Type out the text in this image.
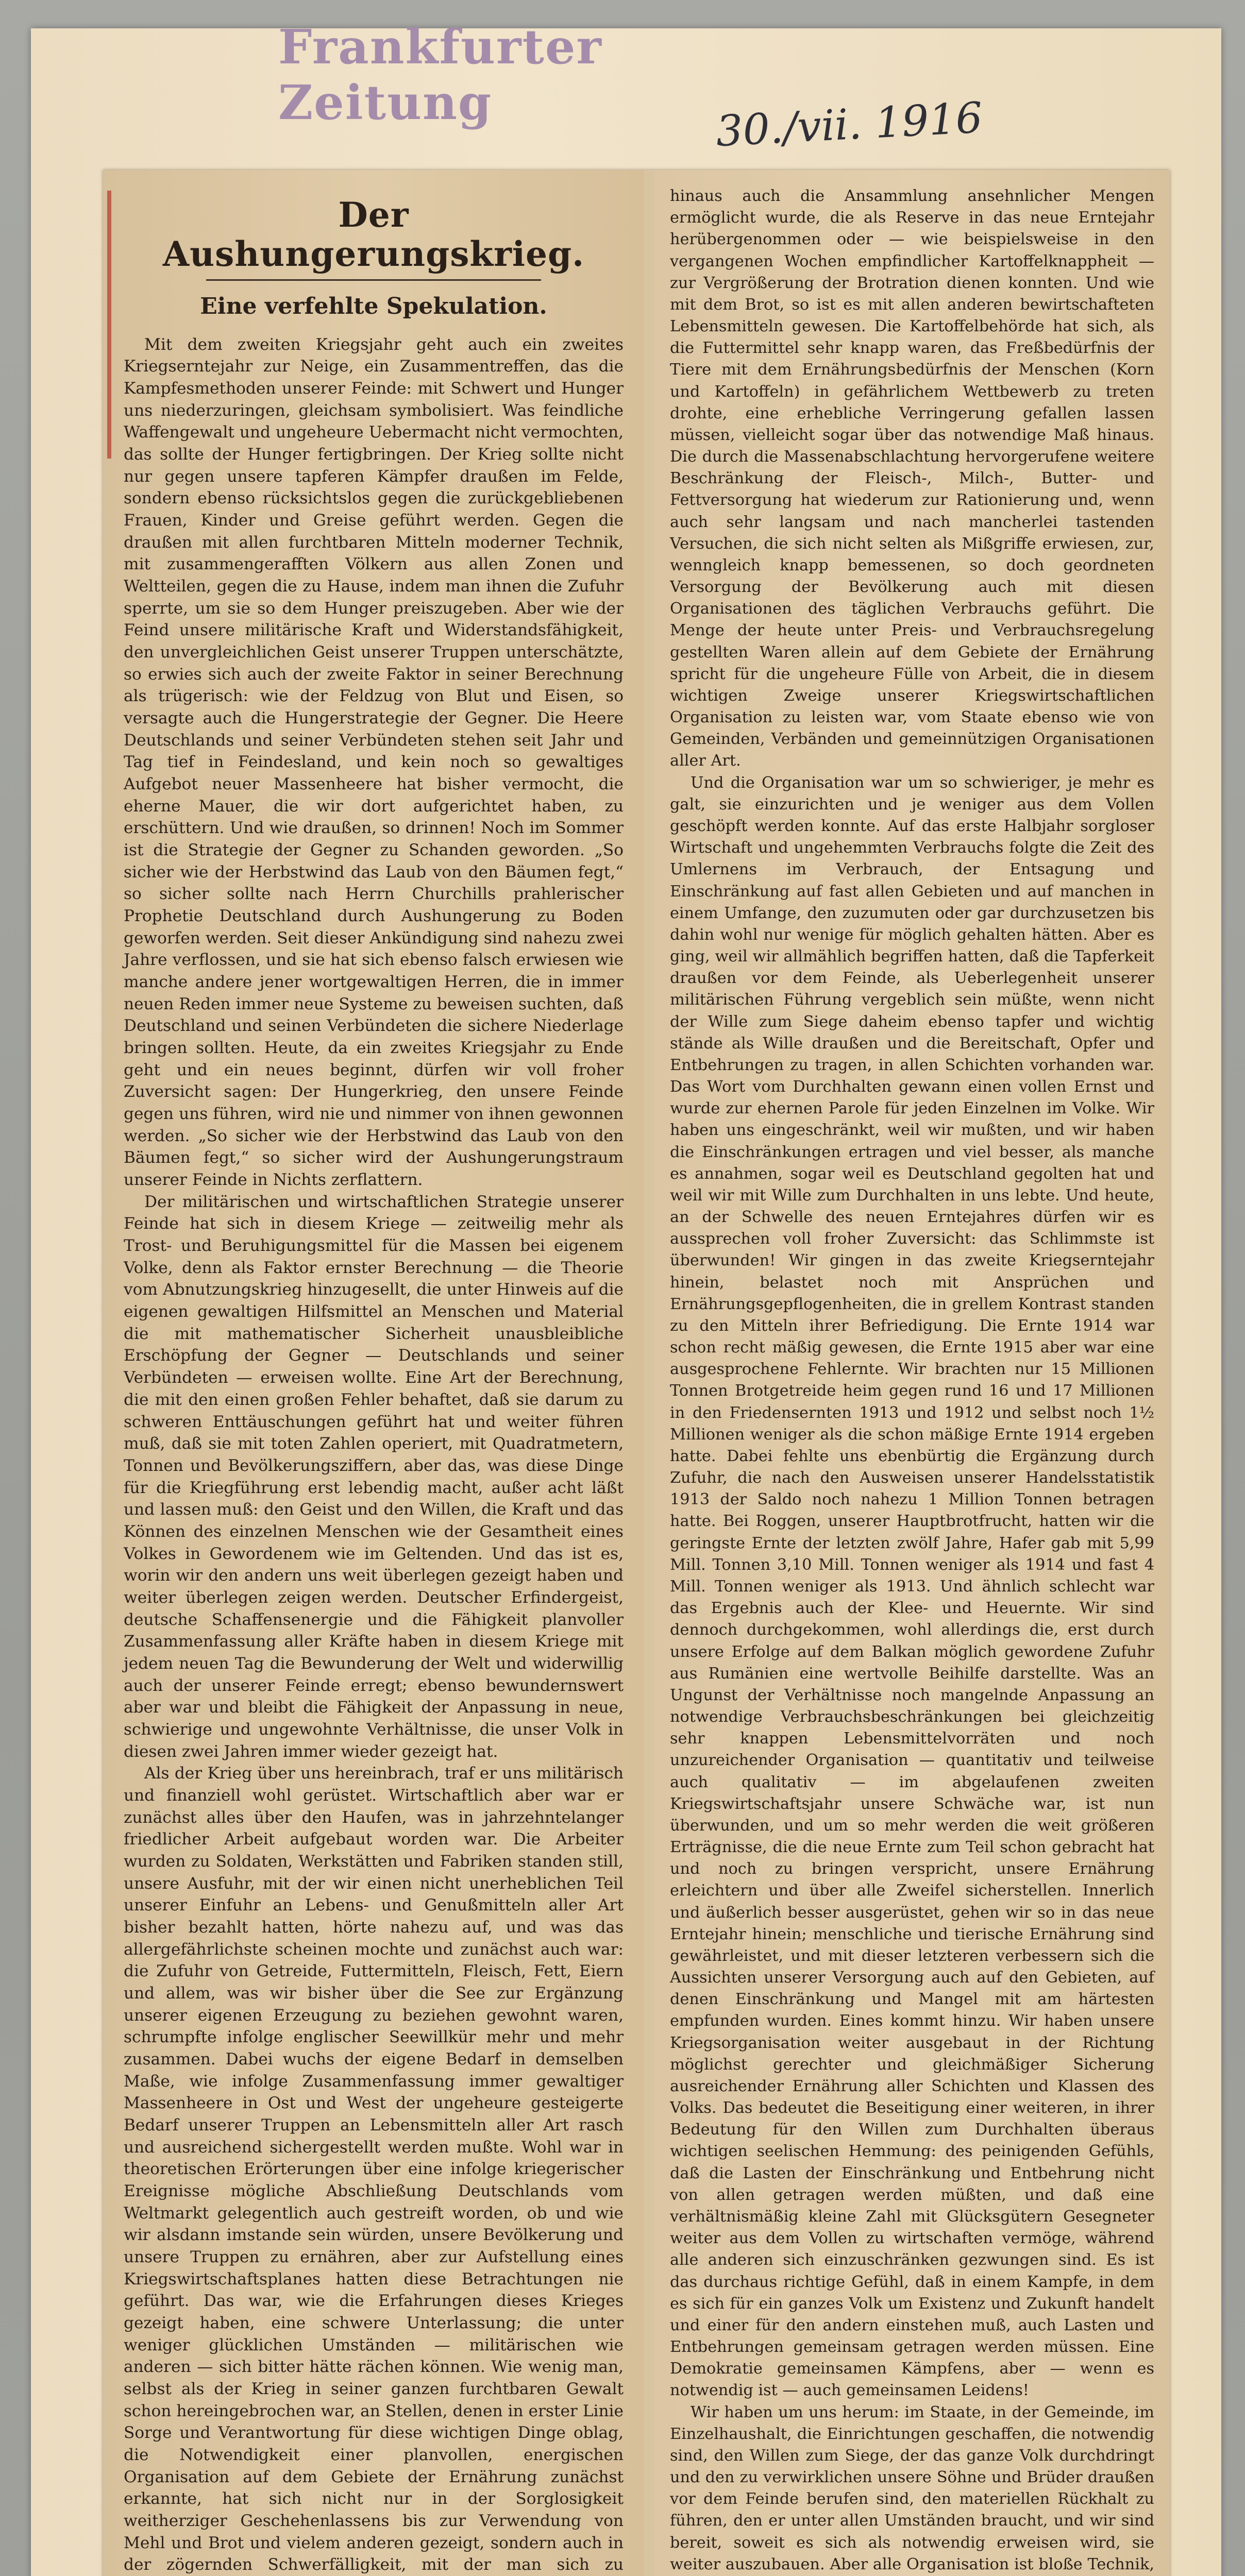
Frankfurter Zeitung	30./vii. 1916
Der Aushungerungskrieg.
Eine verfehlte Spekulation.

Mit dem zweiten Kriegsjahr geht auch ein zweites Kriegserntejahr zur Neige, ein Zusammentreffen, das die Kampfesmethoden unserer Feinde: mit Schwert und Hunger uns niederzuringen, gleichsam symbolisiert. Was feindliche Waffengewalt und ungeheure Uebermacht nicht vermochten, das sollte der Hunger fertigbringen. Der Krieg sollte nicht nur gegen unsere tapferen Kämpfer draußen im Felde, sondern ebenso rücksichtslos gegen die zurückgebliebenen Frauen, Kinder und Greise geführt werden. Gegen die draußen mit allen furchtbaren Mitteln moderner Technik, mit zusammengerafften Völkern aus allen Zonen und Weltteilen, gegen die zu Hause, indem man ihnen die Zufuhr sperrte, um sie so dem Hunger preiszugeben. Aber wie der Feind unsere militärische Kraft und Widerstandsfähigkeit, den unvergleichlichen Geist unserer Truppen unterschätzte, so erwies sich auch der zweite Faktor in seiner Berechnung als trügerisch: wie der Feldzug von Blut und Eisen, so versagte auch die Hungerstrategie der Gegner. Die Heere Deutschlands und seiner Verbündeten stehen seit Jahr und Tag tief in Feindesland, und kein noch so gewaltiges Aufgebot neuer Massenheere hat bisher vermocht, die eherne Mauer, die wir dort aufgerichtet haben, zu erschüttern. Und wie draußen, so drinnen! Noch im Sommer ist die Strategie der Gegner zu Schanden geworden. „So sicher wie der Herbstwind das Laub von den Bäumen fegt,“ so sicher sollte nach Herrn Churchills prahlerischer Prophetie Deutschland durch Aushungerung zu Boden geworfen werden. Seit dieser Ankündigung sind nahezu zwei Jahre verflossen, und sie hat sich ebenso falsch erwiesen wie manche andere jener wortgewaltigen Herren, die in immer neuen Reden immer neue Systeme zu beweisen suchten, daß Deutschland und seinen Verbündeten die sichere Niederlage bringen sollten. Heute, da ein zweites Kriegsjahr zu Ende geht und ein neues beginnt, dürfen wir voll froher Zuversicht sagen: Der Hungerkrieg, den unsere Feinde gegen uns führen, wird nie und nimmer von ihnen gewonnen werden. „So sicher wie der Herbstwind das Laub von den Bäumen fegt,“ so sicher wird der Aushungerungstraum unserer Feinde in Nichts zerflattern.

Der militärischen und wirtschaftlichen Strategie unserer Feinde hat sich in diesem Kriege — zeitweilig mehr als Trost- und Beruhigungsmittel für die Massen bei eigenem Volke, denn als Faktor ernster Berechnung — die Theorie vom Abnutzungskrieg hinzugesellt, die unter Hinweis auf die eigenen gewaltigen Hilfsmittel an Menschen und Material die mit mathematischer Sicherheit unausbleibliche Erschöpfung der Gegner — Deutschlands und seiner Verbündeten — erweisen wollte. Eine Art der Berechnung, die mit den einen großen Fehler behaftet, daß sie darum zu schweren Enttäuschungen geführt hat und weiter führen muß, daß sie mit toten Zahlen operiert, mit Quadratmetern, Tonnen und Bevölkerungsziffern, aber das, was diese Dinge für die Kriegführung erst lebendig macht, außer acht läßt und lassen muß: den Geist und den Willen, die Kraft und das Können des einzelnen Menschen wie der Gesamtheit eines Volkes in Gewordenem wie im Geltenden. Und das ist es, worin wir den andern uns weit überlegen gezeigt haben und weiter überlegen zeigen werden. Deutscher Erfindergeist, deutsche Schaffensenergie und die Fähigkeit planvoller Zusammenfassung aller Kräfte haben in diesem Kriege mit jedem neuen Tag die Bewunderung der Welt und widerwillig auch der unserer Feinde erregt; ebenso bewundernswert aber war und bleibt die Fähigkeit der Anpassung in neue, schwierige und ungewohnte Verhältnisse, die unser Volk in diesen zwei Jahren immer wieder gezeigt hat.

Als der Krieg über uns hereinbrach, traf er uns militärisch und finanziell wohl gerüstet. Wirtschaftlich aber war er zunächst alles über den Haufen, was in jahrzehntelanger friedlicher Arbeit aufgebaut worden war. Die Arbeiter wurden zu Soldaten, Werkstätten und Fabriken standen still, unsere Ausfuhr, mit der wir einen nicht unerheblichen Teil unserer Einfuhr an Lebens- und Genußmitteln aller Art bisher bezahlt hatten, hörte nahezu auf, und was das allergefährlichste scheinen mochte und zunächst auch war: die Zufuhr von Getreide, Futtermitteln, Fleisch, Fett, Eiern und allem, was wir bisher über die See zur Ergänzung unserer eigenen Erzeugung zu beziehen gewohnt waren, schrumpfte infolge englischer Seewillkür mehr und mehr zusammen. Dabei wuchs der eigene Bedarf in demselben Maße, wie infolge Zusammenfassung immer gewaltiger Massenheere in Ost und West der ungeheure gesteigerte Bedarf unserer Truppen an Lebensmitteln aller Art rasch und ausreichend sichergestellt werden mußte. Wohl war in theoretischen Erörterungen über eine infolge kriegerischer Ereignisse mögliche Abschließung Deutschlands vom Weltmarkt gelegentlich auch gestreift worden, ob und wie wir alsdann imstande sein würden, unsere Bevölkerung und unsere Truppen zu ernähren, aber zur Aufstellung eines Kriegswirtschaftsplanes hatten diese Betrachtungen nie geführt. Das war, wie die Erfahrungen dieses Krieges gezeigt haben, eine schwere Unterlassung; die unter weniger glücklichen Umständen — militärischen wie anderen — sich bitter hätte rächen können. Wie wenig man, selbst als der Krieg in seiner ganzen furchtbaren Gewalt schon hereingebrochen war, an Stellen, denen in erster Linie Sorge und Verantwortung für diese wichtigen Dinge oblag, die Notwendigkeit einer planvollen, energischen Organisation auf dem Gebiete der Ernährung zunächst erkannte, hat sich nicht nur in der Sorglosigkeit weitherziger Geschehenlassens bis zur Verwendung von Mehl und Brot und vielem anderen gezeigt, sondern auch in der zögernden Schwerfälligkeit, mit der man sich zu

hinaus auch die Ansammlung ansehnlicher Mengen ermöglicht wurde, die als Reserve in das neue Erntejahr herübergenommen oder — wie beispielsweise in den vergangenen Wochen empfindlicher Kartoffelknappheit — zur Vergrößerung der Brotration dienen konnten. Und wie mit dem Brot, so ist es mit allen anderen bewirtschafteten Lebensmitteln gewesen. Die Kartoffelbehörde hat sich, als die Futtermittel sehr knapp waren, das Freßbedürfnis der Tiere mit dem Ernährungsbedürfnis der Menschen (Korn und Kartoffeln) in gefährlichem Wettbewerb zu treten drohte, eine erhebliche Verringerung gefallen lassen müssen, vielleicht sogar über das notwendige Maß hinaus. Die durch die Massenabschlachtung hervorgerufene weitere Beschränkung der Fleisch-, Milch-, Butter- und Fettversorgung hat wiederum zur Rationierung und, wenn auch sehr langsam und nach mancherlei tastenden Versuchen, die sich nicht selten als Mißgriffe erwiesen, zur, wenngleich knapp bemessenen, so doch geordneten Versorgung der Bevölkerung auch mit diesen Organisationen des täglichen Verbrauchs geführt. Die Menge der heute unter Preis- und Verbrauchsregelung gestellten Waren allein auf dem Gebiete der Ernährung spricht für die ungeheure Fülle von Arbeit, die in diesem wichtigen Zweige unserer Kriegswirtschaftlichen Organisation zu leisten war, vom Staate ebenso wie von Gemeinden, Verbänden und gemeinnützigen Organisationen aller Art.

Und die Organisation war um so schwieriger, je mehr es galt, sie einzurichten und je weniger aus dem Vollen geschöpft werden konnte. Auf das erste Halbjahr sorgloser Wirtschaft und ungehemmten Verbrauchs folgte die Zeit des Umlernens im Verbrauch, der Entsagung und Einschränkung auf fast allen Gebieten und auf manchen in einem Umfange, den zuzumuten oder gar durchzusetzen bis dahin wohl nur wenige für möglich gehalten hätten. Aber es ging, weil wir allmählich begriffen hatten, daß die Tapferkeit draußen vor dem Feinde, als Ueberlegenheit unserer militärischen Führung vergeblich sein müßte, wenn nicht der Wille zum Siege daheim ebenso tapfer und wichtig stände als Wille draußen und die Bereitschaft, Opfer und Entbehrungen zu tragen, in allen Schichten vorhanden war. Das Wort vom Durchhalten gewann einen vollen Ernst und wurde zur ehernen Parole für jeden Einzelnen im Volke. Wir haben uns eingeschränkt, weil wir mußten, und wir haben die Einschränkungen ertragen und viel besser, als manche es annahmen, sogar weil es Deutschland gegolten hat und weil wir mit Wille zum Durchhalten in uns lebte. Und heute, an der Schwelle des neuen Erntejahres dürfen wir es aussprechen voll froher Zuversicht: das Schlimmste ist überwunden! Wir gingen in das zweite Kriegserntejahr hinein, belastet noch mit Ansprüchen und Ernährungsgepflogenheiten, die in grellem Kontrast standen zu den Mitteln ihrer Befriedigung. Die Ernte 1914 war schon recht mäßig gewesen, die Ernte 1915 aber war eine ausgesprochene Fehlernte. Wir brachten nur 15 Millionen Tonnen Brotgetreide heim gegen rund 16 und 17 Millionen in den Friedensernten 1913 und 1912 und selbst noch 1½ Millionen weniger als die schon mäßige Ernte 1914 ergeben hatte. Dabei fehlte uns ebenbürtig die Ergänzung durch Zufuhr, die nach den Ausweisen unserer Handelsstatistik 1913 der Saldo noch nahezu 1 Million Tonnen betragen hatte. Bei Roggen, unserer Hauptbrotfrucht, hatten wir die geringste Ernte der letzten zwölf Jahre, Hafer gab mit 5,99 Mill. Tonnen 3,10 Mill. Tonnen weniger als 1914 und fast 4 Mill. Tonnen weniger als 1913. Und ähnlich schlecht war das Ergebnis auch der Klee- und Heuernte. Wir sind dennoch durchgekommen, wohl allerdings die, erst durch unsere Erfolge auf dem Balkan möglich gewordene Zufuhr aus Rumänien eine wertvolle Beihilfe darstellte. Was an Ungunst der Verhältnisse noch mangelnde Anpassung an notwendige Verbrauchsbeschränkungen bei gleichzeitig sehr knappen Lebensmittelvorräten und noch unzureichender Organisation — quantitativ und teilweise auch qualitativ — im abgelaufenen zweiten Kriegswirtschaftsjahr unsere Schwäche war, ist nun überwunden, und um so mehr werden die weit größeren Erträgnisse, die die neue Ernte zum Teil schon gebracht hat und noch zu bringen verspricht, unsere Ernährung erleichtern und über alle Zweifel sicherstellen. Innerlich und äußerlich besser ausgerüstet, gehen wir so in das neue Erntejahr hinein; menschliche und tierische Ernährung sind gewährleistet, und mit dieser letzteren verbessern sich die Aussichten unserer Versorgung auch auf den Gebieten, auf denen Einschränkung und Mangel mit am härtesten empfunden wurden. Eines kommt hinzu. Wir haben unsere Kriegsorganisation weiter ausgebaut in der Richtung möglichst gerechter und gleichmäßiger Sicherung ausreichender Ernährung aller Schichten und Klassen des Volks. Das bedeutet die Beseitigung einer weiteren, in ihrer Bedeutung für den Willen zum Durchhalten überaus wichtigen seelischen Hemmung: des peinigenden Gefühls, daß die Lasten der Einschränkung und Entbehrung nicht von allen getragen werden müßten, und daß eine verhältnismäßig kleine Zahl mit Glücksgütern Gesegneter weiter aus dem Vollen zu wirtschaften vermöge, während alle anderen sich einzuschränken gezwungen sind. Es ist das durchaus richtige Gefühl, daß in einem Kampfe, in dem es sich für ein ganzes Volk um Existenz und Zukunft handelt und einer für den andern einstehen muß, auch Lasten und Entbehrungen gemeinsam getragen werden müssen. Eine Demokratie gemeinsamen Kämpfens, aber — wenn es notwendig ist — auch gemeinsamen Leidens!

Wir haben um uns herum: im Staate, in der Gemeinde, im Einzelhaushalt, die Einrichtungen geschaffen, die notwendig sind, den Willen zum Siege, der das ganze Volk durchdringt und den zu verwirklichen unsere Söhne und Brüder draußen vor dem Feinde berufen sind, den materiellen Rückhalt zu führen, den er unter allen Umständen braucht, und wir sind bereit, soweit es sich als notwendig erweisen wird, sie weiter auszubauen. Aber alle Organisation ist bloße Technik,
